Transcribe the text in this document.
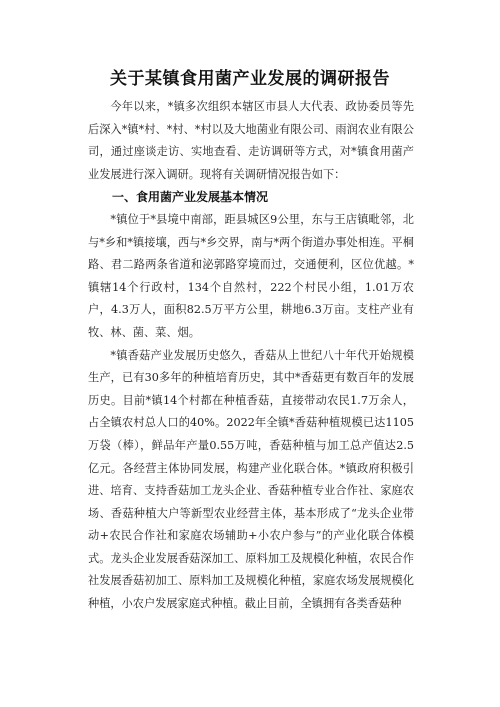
关于某镇食用菌产业发展的调研报告

今年以来，*镇多次组织本辖区市县人大代表、政协委员等先后深入*镇*村、*村、*村以及大地菌业有限公司、雨润农业有限公司，通过座谈走访、实地查看、走访调研等方式，对*镇食用菌产业发展进行深入调研。现将有关调研情况报告如下：

一、食用菌产业发展基本情况

*镇位于*县境中南部，距县城区9公里，东与王店镇毗邻，北与*乡和*镇接壤，西与*乡交界，南与*两个街道办事处相连。平桐路、君二路两条省道和泌郭路穿境而过，交通便利，区位优越。*镇辖14个行政村，134个自然村，222个村民小组，1.01万农户，4.3万人，面积82.5万平方公里，耕地6.3万亩。支柱产业有牧、林、菌、菜、烟。

*镇香菇产业发展历史悠久，香菇从上世纪八十年代开始规模生产，已有30多年的种植培育历史，其中*香菇更有数百年的发展历史。目前*镇14个村都在种植香菇，直接带动农民1.7万余人，占全镇农村总人口的40%。2022年全镇*香菇种植规模已达1105万袋（棒），鲜品年产量0.55万吨，香菇种植与加工总产值达2.5亿元。各经营主体协同发展，构建产业化联合体。*镇政府积极引进、培育、支持香菇加工龙头企业、香菇种植专业合作社、家庭农场、香菇种植大户等新型农业经营主体，基本形成了“龙头企业带动+农民合作社和家庭农场辅助+小农户参与”的产业化联合体模式。龙头企业发展香菇深加工、原料加工及规模化种植，农民合作社发展香菇初加工、原料加工及规模化种植，家庭农场发展规模化种植，小农户发展家庭式种植。截止目前，全镇拥有各类香菇种
